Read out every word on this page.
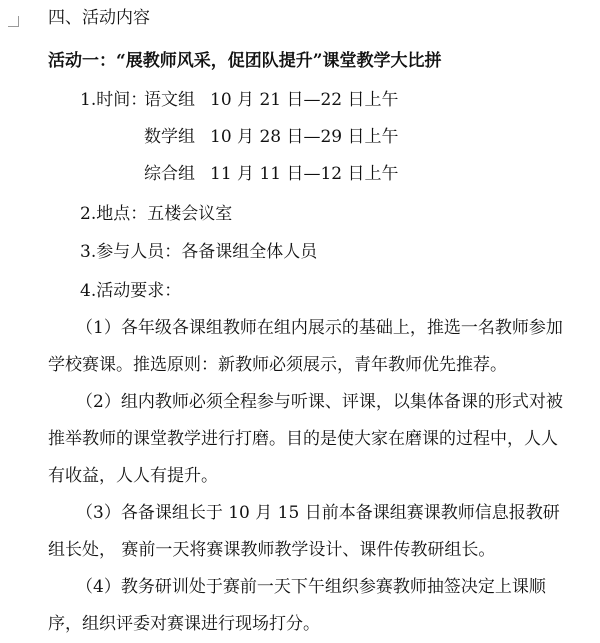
四、活动内容
活动一：“展教师风采，促团队提升”课堂教学大比拼
1.时间：
语文组 10 月 21 日—22 日上午
数学组 10 月 28 日—29 日上午
综合组 11 月 11 日—12 日上午
2.地点：五楼会议室
3.参与人员：各备课组全体人员
4.活动要求：

（1）各年级各课组教师在组内展示的基础上，推选一名教师参加学校赛课。推选原则：新教师必须展示，青年教师优先推荐。

（2）组内教师必须全程参与听课、评课，以集体备课的形式对被推举教师的课堂教学进行打磨。目的是使大家在磨课的过程中，人人有收益，人人有提升。

（3）各备课组长于 10 月 15 日前本备课组赛课教师信息报教研组长处， 赛前一天将赛课教师教学设计、课件传教研组长。

（4）教务研训处于赛前一天下午组织参赛教师抽签决定上课顺序，组织评委对赛课进行现场打分。
